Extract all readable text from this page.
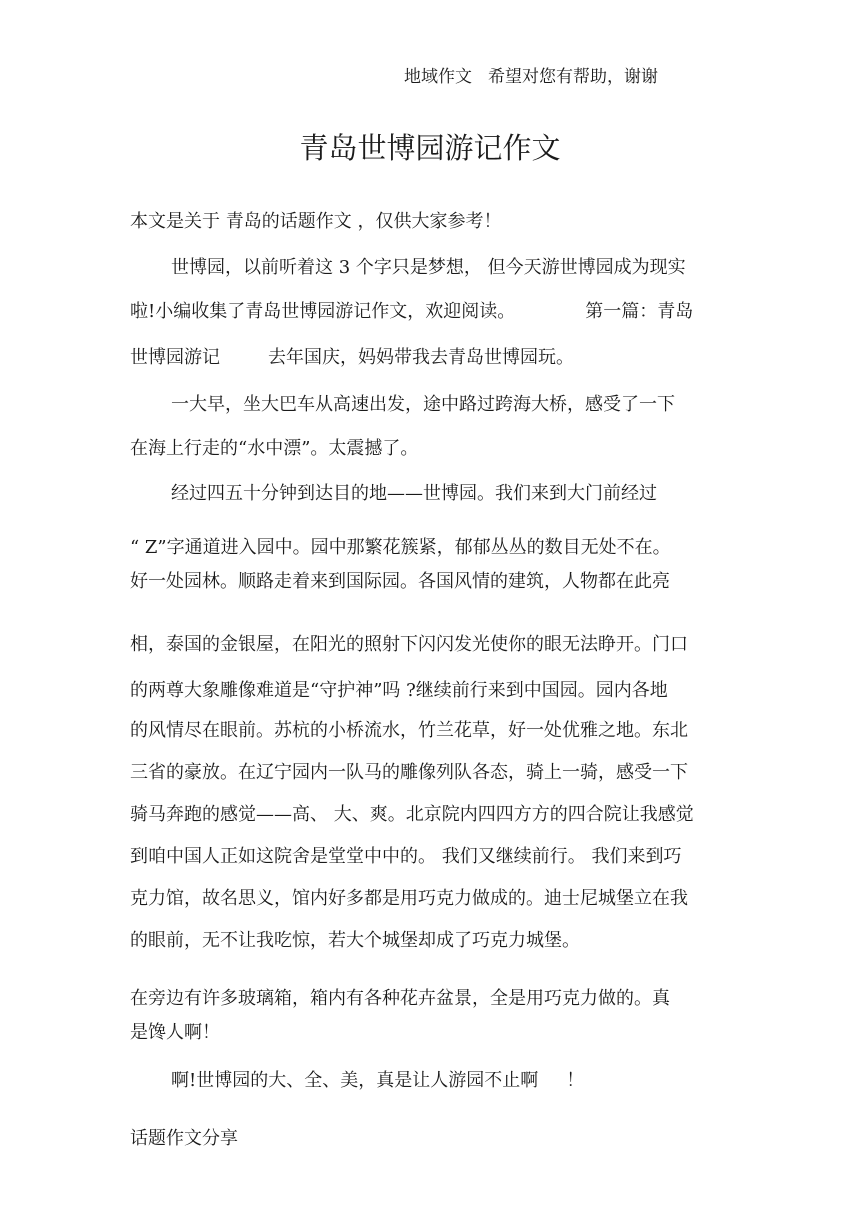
地域作文 希望对您有帮助，谢谢
青岛世博园游记作文

本文是关于 青岛的话题作文 ，仅供大家参考！

世博园，以前听着这 3 个字只是梦想， 但今天游世博园成为现实

啦!小编收集了青岛世博园游记作文，欢迎阅读。	第一篇：青岛

世博园游记	去年国庆，妈妈带我去青岛世博园玩。

一大早，坐大巴车从高速出发，途中路过跨海大桥，感受了一下

在海上行走的“水中漂”。太震撼了。

经过四五十分钟到达目的地——世博园。我们来到大门前经过

“ Z”字通道进入园中。园中那繁花簇紧，郁郁丛丛的数目无处不在。

好一处园林。顺路走着来到国际园。各国风情的建筑，人物都在此亮

相，泰国的金银屋，在阳光的照射下闪闪发光使你的眼无法睁开。门口

的两尊大象雕像难道是“守护神”吗 ?继续前行来到中国园。园内各地

的风情尽在眼前。苏杭的小桥流水，竹兰花草，好一处优雅之地。东北

三省的豪放。在辽宁园内一队马的雕像列队各态，骑上一骑，感受一下

骑马奔跑的感觉——高、 大、爽。北京院内四四方方的四合院让我感觉

到咱中国人正如这院舍是堂堂中中的。 我们又继续前行。 我们来到巧

克力馆，故名思义，馆内好多都是用巧克力做成的。迪士尼城堡立在我

的眼前，无不让我吃惊，若大个城堡却成了巧克力城堡。

在旁边有许多玻璃箱，箱内有各种花卉盆景，全是用巧克力做的。真

是馋人啊！

啊!世博园的大、全、美，真是让人游园不止啊 ！

话题作文分享
